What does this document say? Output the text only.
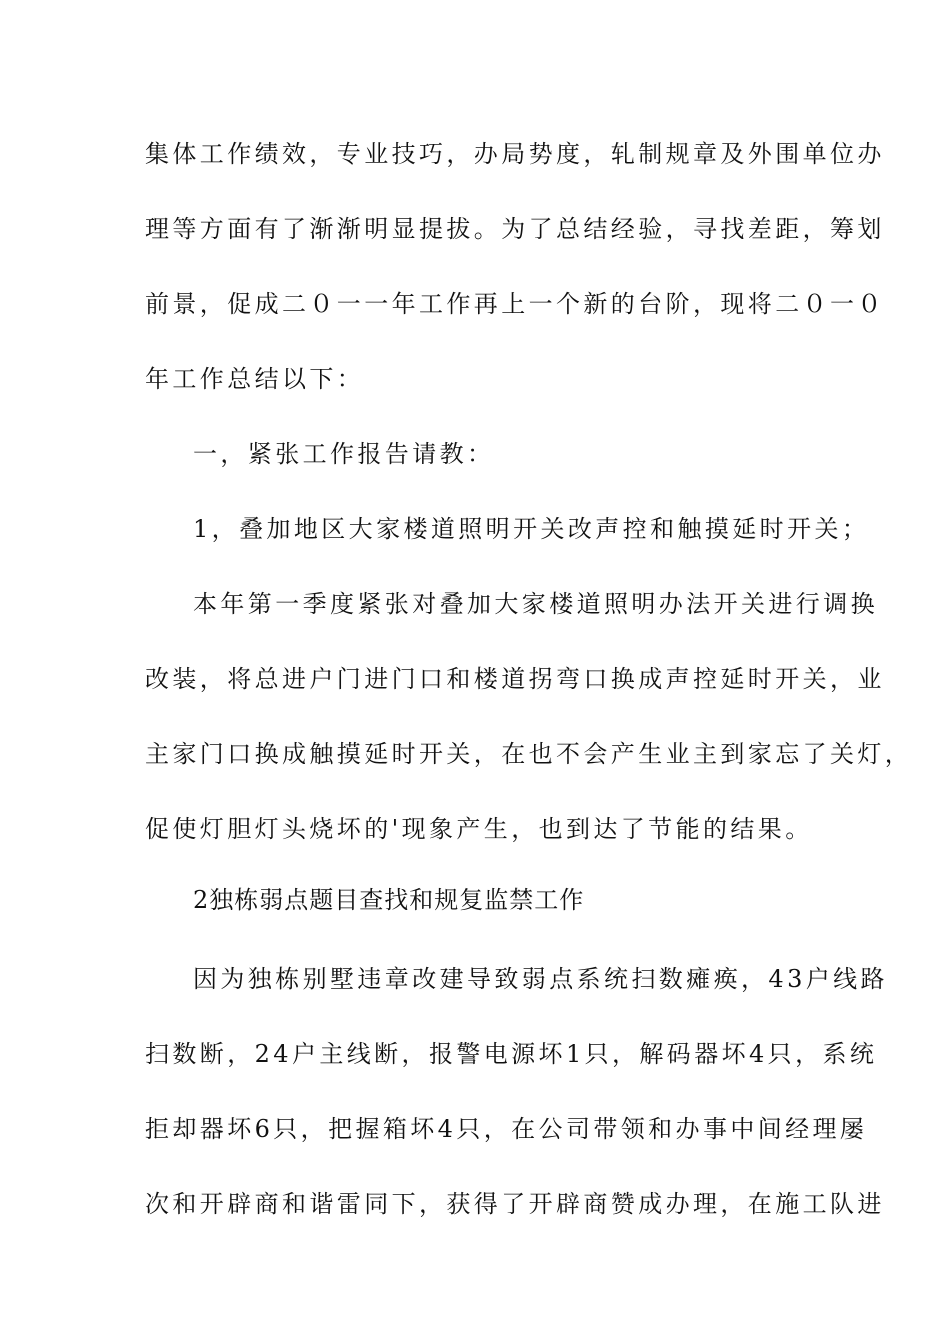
集体工作绩效，专业技巧，办局势度，轧制规章及外围单位办
理等方面有了渐渐明显提拔。为了总结经验，寻找差距，筹划
前景，促成二０一一年工作再上一个新的台阶，现将二０一０
年工作总结以下：
一，紧张工作报告请教：
1，叠加地区大家楼道照明开关改声控和触摸延时开关；
本年第一季度紧张对叠加大家楼道照明办法开关进行调换
改装，将总进户门进门口和楼道拐弯口换成声控延时开关，业
主家门口换成触摸延时开关，在也不会产生业主到家忘了关灯，
促使灯胆灯头烧坏的'现象产生，也到达了节能的结果。
2独栋弱点题目查找和规复监禁工作
因为独栋别墅违章改建导致弱点系统扫数瘫痪，43户线路
扫数断，24户主线断，报警电源坏1只，解码器坏4只，系统
拒却器坏6只，把握箱坏4只，在公司带领和办事中间经理屡
次和开辟商和谐雷同下，获得了开辟商赞成办理，在施工队进
